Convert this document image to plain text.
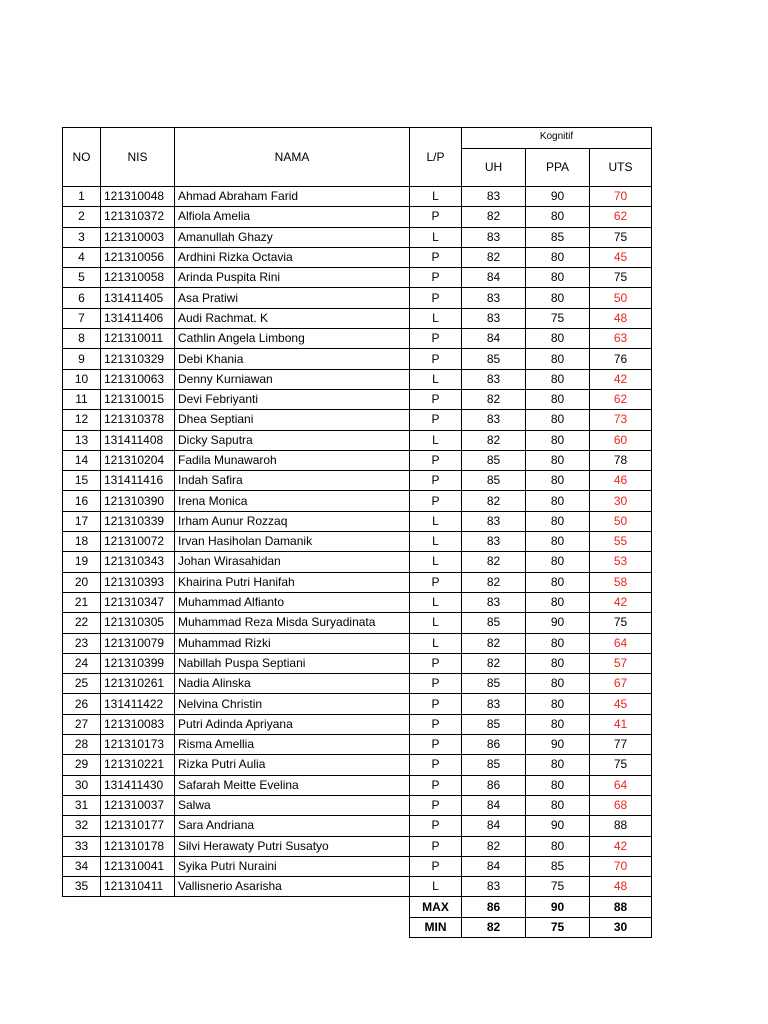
NO	NIS	NAMA	L/P	Kognitif		
				UH	PPA	UTS
1	121310048	Ahmad Abraham Farid	L	83	90	70
2	121310372	Alfiola Amelia	P	82	80	62
3	121310003	Amanullah Ghazy	L	83	85	75
4	121310056	Ardhini Rizka Octavia	P	82	80	45
5	121310058	Arinda Puspita Rini	P	84	80	75
6	131411405	Asa Pratiwi	P	83	80	50
7	131411406	Audi Rachmat. K	L	83	75	48
8	121310011	Cathlin Angela Limbong	P	84	80	63
9	121310329	Debi Khania	P	85	80	76
10	121310063	Denny Kurniawan	L	83	80	42
11	121310015	Devi Febriyanti	P	82	80	62
12	121310378	Dhea Septiani	P	83	80	73
13	131411408	Dicky Saputra	L	82	80	60
14	121310204	Fadila Munawaroh	P	85	80	78
15	131411416	Indah Safira	P	85	80	46
16	121310390	Irena Monica	P	82	80	30
17	121310339	Irham Aunur Rozzaq	L	83	80	50
18	121310072	Irvan Hasiholan Damanik	L	83	80	55
19	121310343	Johan Wirasahidan	L	82	80	53
20	121310393	Khairina Putri Hanifah	P	82	80	58
21	121310347	Muhammad Alfianto	L	83	80	42
22	121310305	Muhammad Reza Misda Suryadinata	L	85	90	75
23	121310079	Muhammad Rizki	L	82	80	64
24	121310399	Nabillah Puspa Septiani	P	82	80	57
25	121310261	Nadia Alinska	P	85	80	67
26	131411422	Nelvina Christin	P	83	80	45
27	121310083	Putri Adinda Apriyana	P	85	80	41
28	121310173	Risma Amellia	P	86	90	77
29	121310221	Rizka Putri Aulia	P	85	80	75
30	131411430	Safarah Meitte Evelina	P	86	80	64
31	121310037	Salwa	P	84	80	68
32	121310177	Sara Andriana	P	84	90	88
33	121310178	Silvi Herawaty Putri Susatyo	P	82	80	42
34	121310041	Syika Putri Nuraini	P	84	85	70
35	121310411	Vallisnerio Asarisha	L	83	75	48
			MAX	86	90	88
			MIN	82	75	30
